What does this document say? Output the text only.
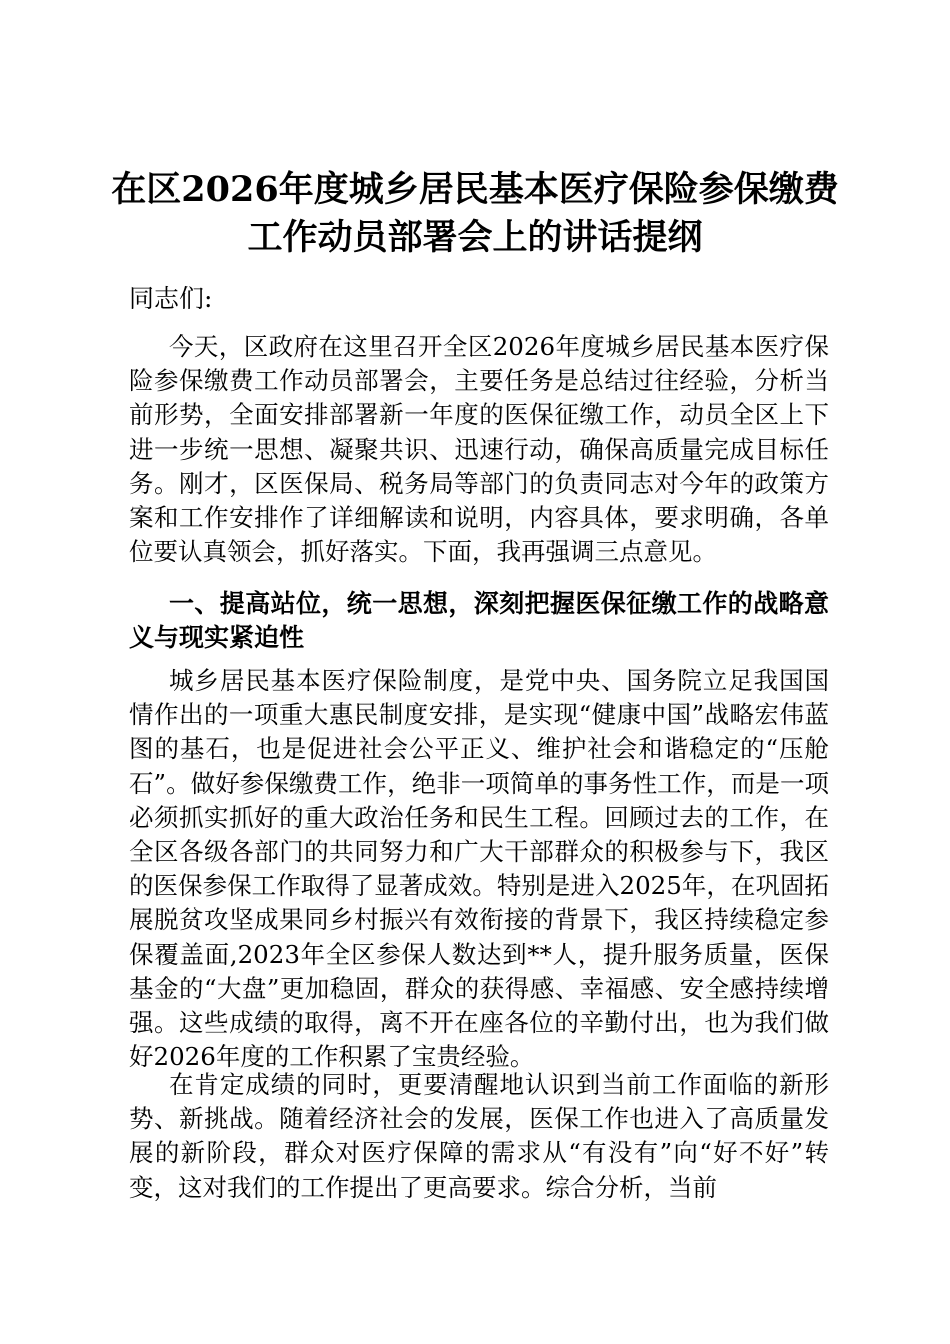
在区2026年度城乡居民基本医疗保险参保缴费工作动员部署会上的讲话提纲

同志们:

今天，区政府在这里召开全区2026年度城乡居民基本医疗保险参保缴费工作动员部署会，主要任务是总结过往经验，分析当前形势，全面安排部署新一年度的医保征缴工作，动员全区上下进一步统一思想、凝聚共识、迅速行动，确保高质量完成目标任务。刚才，区医保局、税务局等部门的负责同志对今年的政策方案和工作安排作了详细解读和说明，内容具体，要求明确，各单位要认真领会，抓好落实。下面，我再强调三点意见。

一、提高站位，统一思想，深刻把握医保征缴工作的战略意义与现实紧迫性

城乡居民基本医疗保险制度，是党中央、国务院立足我国国情作出的一项重大惠民制度安排，是实现“健康中国”战略宏伟蓝图的基石，也是促进社会公平正义、维护社会和谐稳定的“压舱石”。做好参保缴费工作，绝非一项简单的事务性工作，而是一项必须抓实抓好的重大政治任务和民生工程。回顾过去的工作，在全区各级各部门的共同努力和广大干部群众的积极参与下，我区的医保参保工作取得了显著成效。特别是进入2025年，在巩固拓展脱贫攻坚成果同乡村振兴有效衔接的背景下，我区持续稳定参保覆盖面,2023年全区参保人数达到**人，提升服务质量，医保基金的“大盘”更加稳固，群众的获得感、幸福感、安全感持续增强。这些成绩的取得，离不开在座各位的辛勤付出，也为我们做好2026年度的工作积累了宝贵经验。

在肯定成绩的同时，更要清醒地认识到当前工作面临的新形势、新挑战。随着经济社会的发展，医保工作也进入了高质量发展的新阶段，群众对医疗保障的需求从“有没有”向“好不好”转变，这对我们的工作提出了更高要求。综合分析，当前
